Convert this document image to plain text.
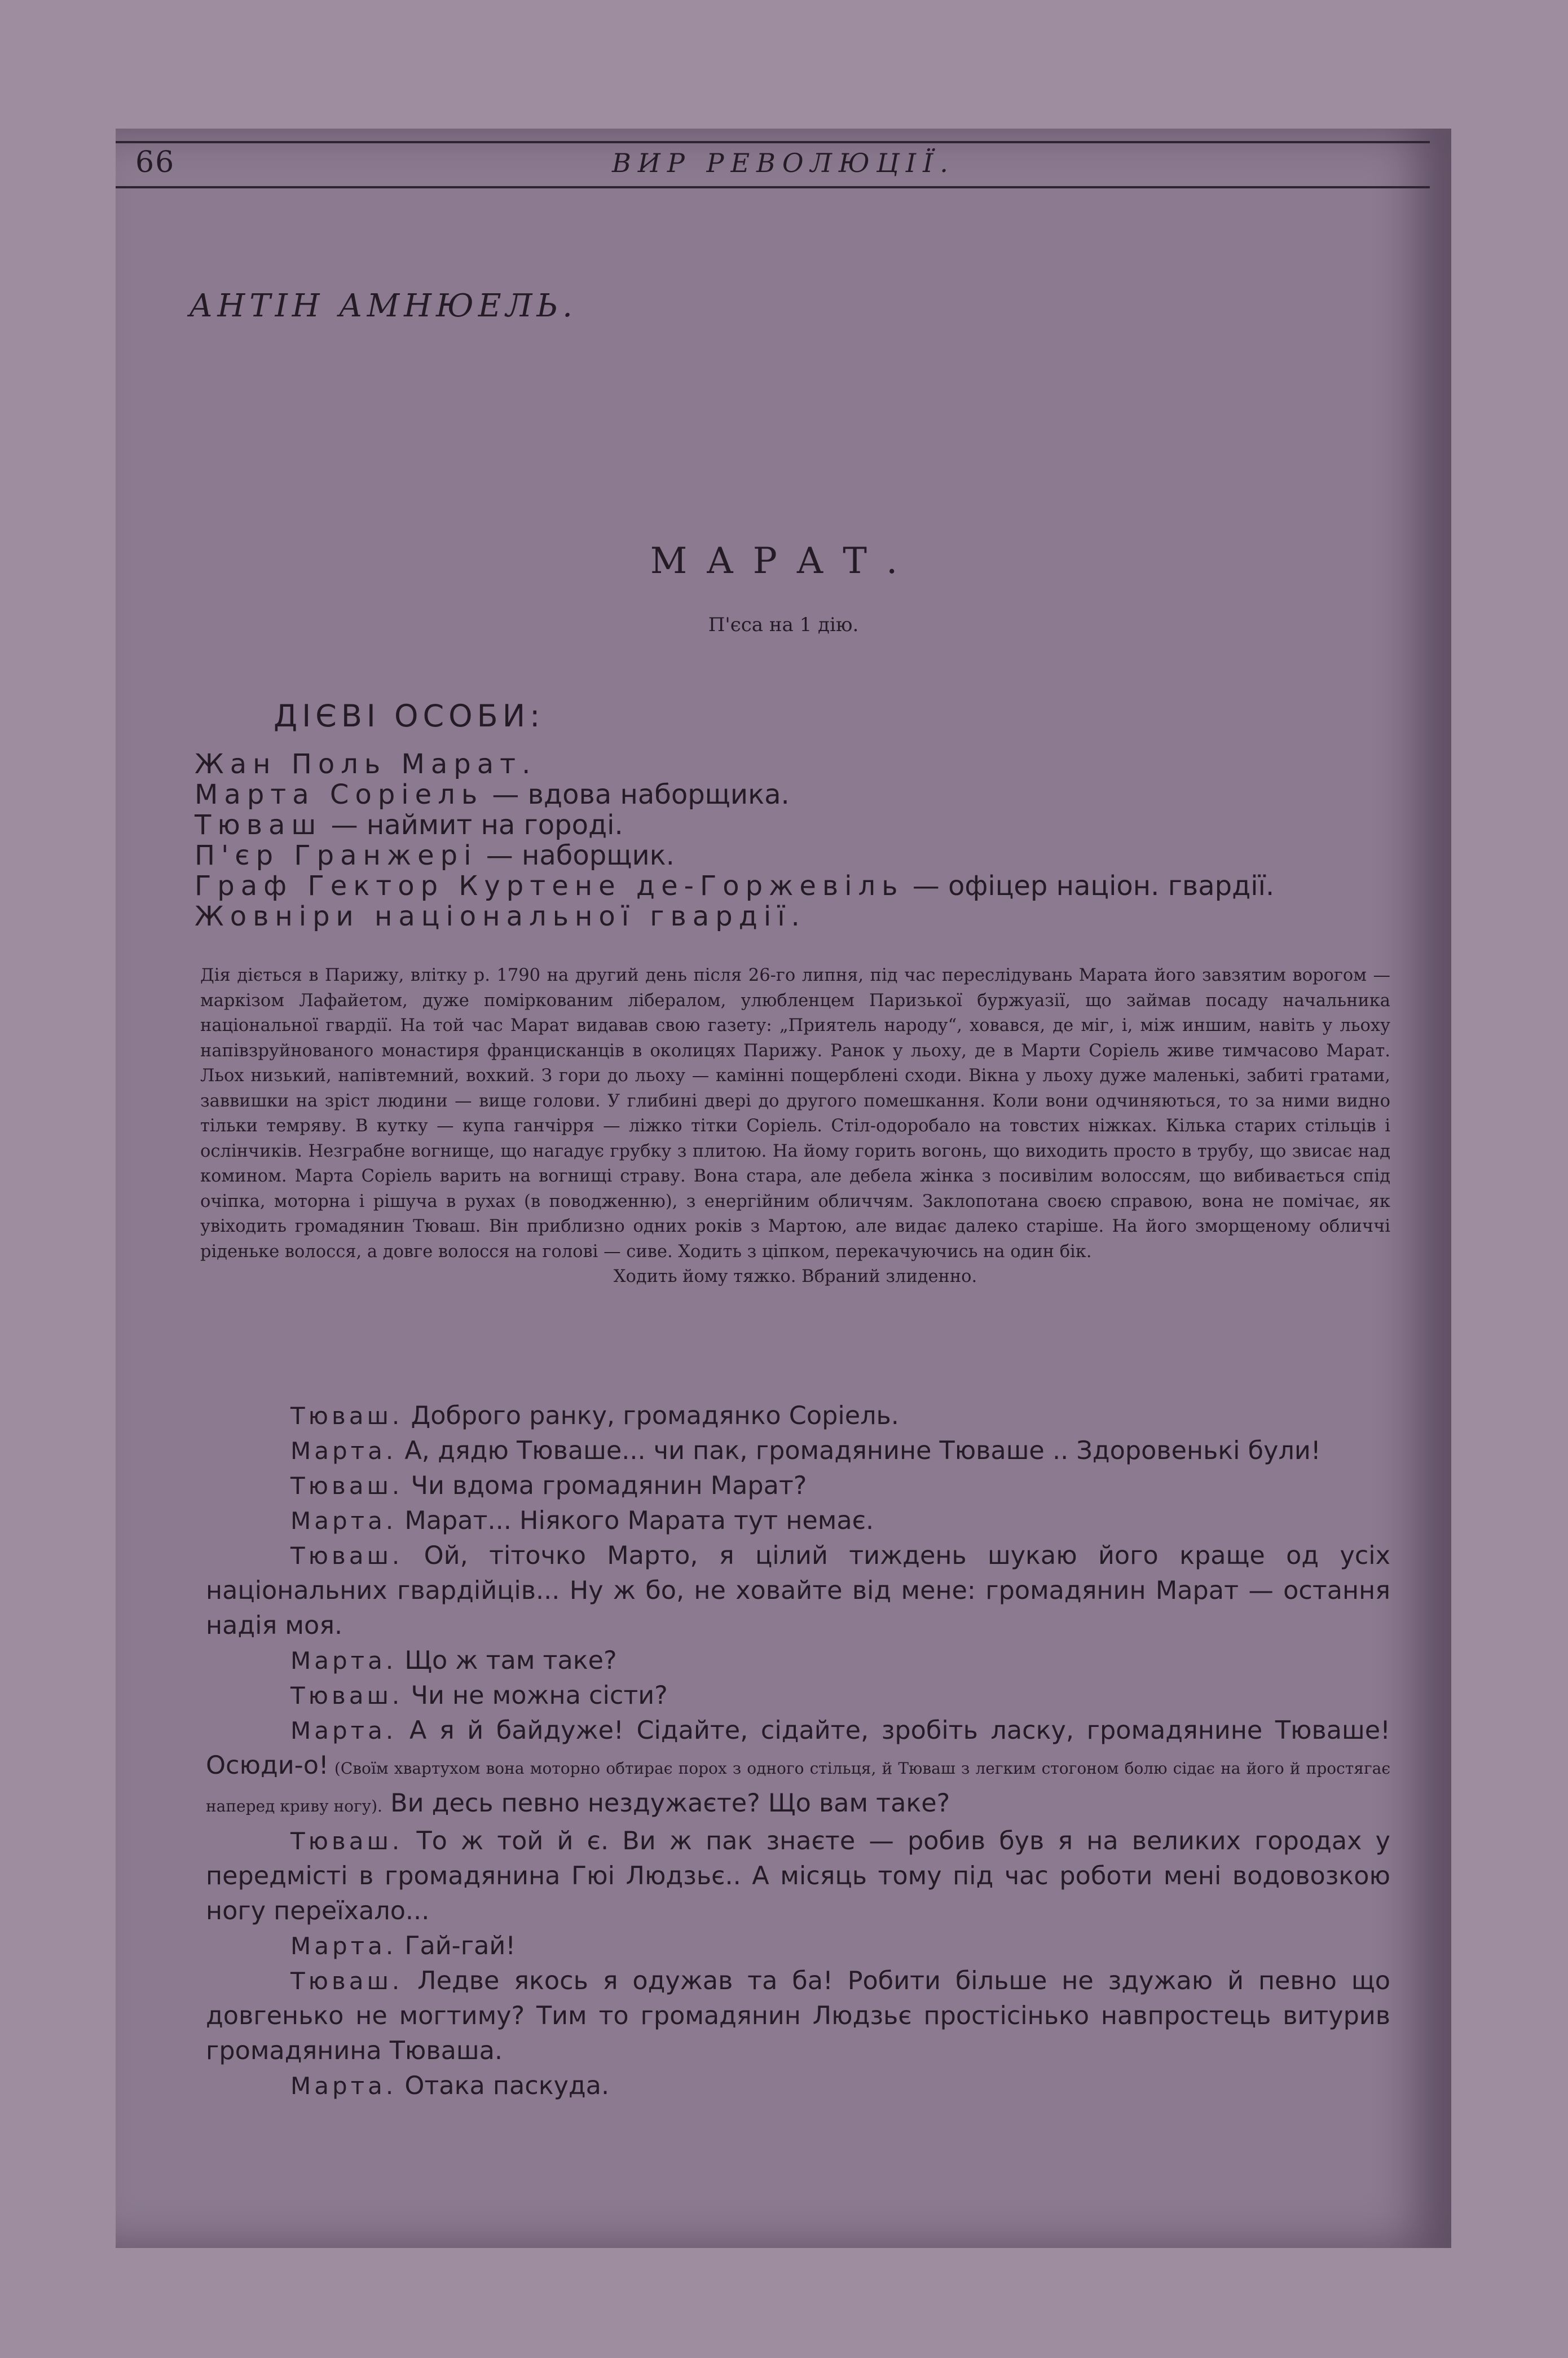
66	ВИР РЕВОЛЮЦІЇ.
АНТІН АМНЮЕЛЬ.
МАРАТ.
П'єса на 1 дію.
ДІЄВІ ОСОБИ:
Жан Поль Марат.
Марта Соріель — вдова наборщика.
Тюваш — наймит на городі.
П'єр Гранжері — наборщик.
Граф Гектор Куртене де-Горжевіль — офіцер націон. гвардії.
Жовніри національної гвардії.
Дія діється в Парижу, влітку р. 1790 на другий день після 26-го липня, під час переслідувань Марата його завзятим ворогом — маркізом Лафайетом, дуже поміркованим лібералом, улюбленцем Паризької буржуазії, що займав посаду начальника національної гвардії. На той час Марат видавав свою газету: „Приятель народу“, ховався, де міг, і, між иншим, навіть у льоху напівзруйнованого монастиря францисканців в околицях Парижу. Ранок у льоху, де в Марти Соріель живе тимчасово Марат. Льох низький, напівтемний, вохкий. З гори до льоху — камінні пощерблені сходи. Вікна у льоху дуже маленькі, забиті гратами, заввишки на зріст людини — вище голови. У глибині двері до другого помешкання. Коли вони одчиняються, то за ними видно тільки темряву. В кутку — купа ганчірря — ліжко тітки Соріель. Стіл-одоробало на товстих ніжках. Кілька старих стільців і ослінчиків. Незграбне вогнище, що нагадує грубку з плитою. На йому горить вогонь, що виходить просто в трубу, що звисає над комином. Марта Соріель варить на вогнищі страву. Вона стара, але дебела жінка з посивілим волоссям, що вибивається спід очіпка, моторна і рішуча в рухах (в поводженню), з енергійним обличчям. Заклопотана своєю справою, вона не помічає, як увіходить громадянин Тюваш. Він приблизно одних років з Мартою, але видає далеко старіше. На його зморщеному обличчі ріденьке волосся, а довге волосся на голові — сиве. Ходить з ціпком, перекачуючись на один бік.
Ходить йому тяжко. Вбраний злиденно.

Тюваш. Доброго ранку, громадянко Соріель.

Марта. А, дядю Тюваше... чи пак, громадянине Тюваше .. Здоровенькі були!

Тюваш. Чи вдома громадянин Марат?

Марта. Марат... Ніякого Марата тут немає.

Тюваш. Ой, тіточко Марто, я цілий тиждень шукаю його краще од усіх національних гвардійців... Ну ж бо, не ховайте від мене: громадянин Марат — остання надія моя.

Марта. Що ж там таке?

Тюваш. Чи не можна сісти?

Марта. А я й байдуже! Сідайте, сідайте, зробіть ласку, громадянине Тюваше! Осюди-о! (Своїм хвартухом вона моторно обтирає порох з одного стільця, й Тюваш з легким стогоном болю сідає на його й простягає наперед криву ногу). Ви десь певно нездужаєте? Що вам таке?

Тюваш. То ж той й є. Ви ж пак знаєте — робив був я на великих городах у передмісті в громадянина Гюі Людзьє.. А місяць тому під час роботи мені водовозкою ногу переїхало...

Марта. Гай-гай!

Тюваш. Ледве якось я одужав та ба! Робити більше не здужаю й певно що довгенько не могтиму? Тим то громадянин Людзьє простісінько навпростець витурив громадянина Тюваша.

Марта. Отака паскуда.
